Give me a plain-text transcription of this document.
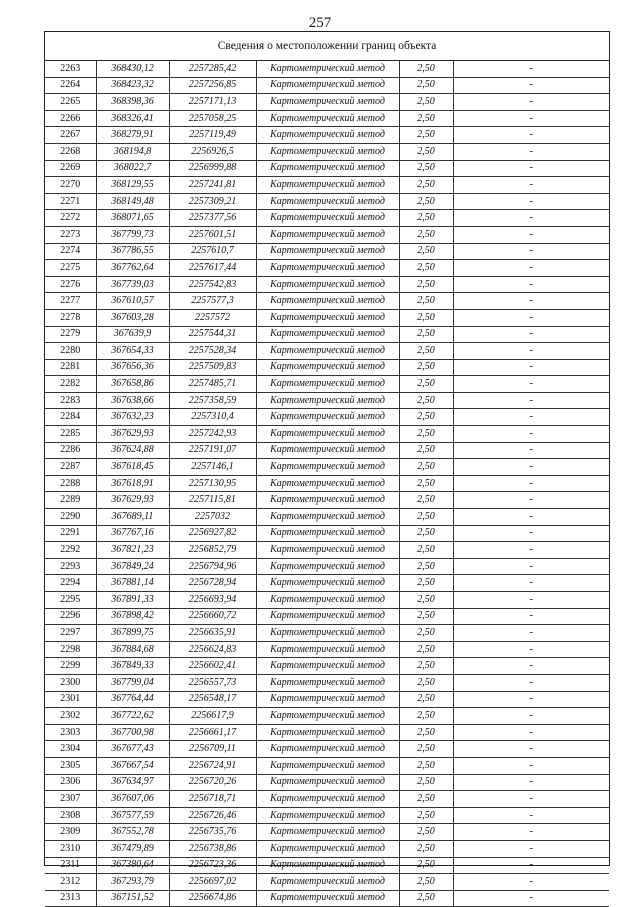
257
Сведения о местоположении границ объекта
2263	368430,12	2257285,42	Картометрический метод	2,50	-
2264	368423,32	2257256,85	Картометрический метод	2,50	-
2265	368398,36	2257171,13	Картометрический метод	2,50	-
2266	368326,41	2257058,25	Картометрический метод	2,50	-
2267	368279,91	2257119,49	Картометрический метод	2,50	-
2268	368194,8	2256926,5	Картометрический метод	2,50	-
2269	368022,7	2256999,88	Картометрический метод	2,50	-
2270	368129,55	2257241,81	Картометрический метод	2,50	-
2271	368149,48	2257309,21	Картометрический метод	2,50	-
2272	368071,65	2257377,56	Картометрический метод	2,50	-
2273	367799,73	2257601,51	Картометрический метод	2,50	-
2274	367786,55	2257610,7	Картометрический метод	2,50	-
2275	367762,64	2257617,44	Картометрический метод	2,50	-
2276	367739,03	2257542,83	Картометрический метод	2,50	-
2277	367610,57	2257577,3	Картометрический метод	2,50	-
2278	367603,28	2257572	Картометрический метод	2,50	-
2279	367639,9	2257544,31	Картометрический метод	2,50	-
2280	367654,33	2257528,34	Картометрический метод	2,50	-
2281	367656,36	2257509,83	Картометрический метод	2,50	-
2282	367658,86	2257485,71	Картометрический метод	2,50	-
2283	367638,66	2257358,59	Картометрический метод	2,50	-
2284	367632,23	2257310,4	Картометрический метод	2,50	-
2285	367629,93	2257242,93	Картометрический метод	2,50	-
2286	367624,88	2257191,07	Картометрический метод	2,50	-
2287	367618,45	2257146,1	Картометрический метод	2,50	-
2288	367618,91	2257130,95	Картометрический метод	2,50	-
2289	367629,93	2257115,81	Картометрический метод	2,50	-
2290	367689,11	2257032	Картометрический метод	2,50	-
2291	367767,16	2256927,82	Картометрический метод	2,50	-
2292	367821,23	2256852,79	Картометрический метод	2,50	-
2293	367849,24	2256794,96	Картометрический метод	2,50	-
2294	367881,14	2256728,94	Картометрический метод	2,50	-
2295	367891,33	2256693,94	Картометрический метод	2,50	-
2296	367898,42	2256660,72	Картометрический метод	2,50	-
2297	367899,75	2256635,91	Картометрический метод	2,50	-
2298	367884,68	2256624,83	Картометрический метод	2,50	-
2299	367849,33	2256602,41	Картометрический метод	2,50	-
2300	367799,04	2256557,73	Картометрический метод	2,50	-
2301	367764,44	2256548,17	Картометрический метод	2,50	-
2302	367722,62	2256617,9	Картометрический метод	2,50	-
2303	367700,98	2256661,17	Картометрический метод	2,50	-
2304	367677,43	2256709,11	Картометрический метод	2,50	-
2305	367667,54	2256724,91	Картометрический метод	2,50	-
2306	367634,97	2256720,26	Картометрический метод	2,50	-
2307	367607,06	2256718,71	Картометрический метод	2,50	-
2308	367577,59	2256726,46	Картометрический метод	2,50	-
2309	367552,78	2256735,76	Картометрический метод	2,50	-
2310	367479,89	2256738,86	Картометрический метод	2,50	-
2311	367380,64	2256723,36	Картометрический метод	2,50	-
2312	367293,79	2256697,02	Картометрический метод	2,50	-
2313	367151,52	2256674,86	Картометрический метод	2,50	-
